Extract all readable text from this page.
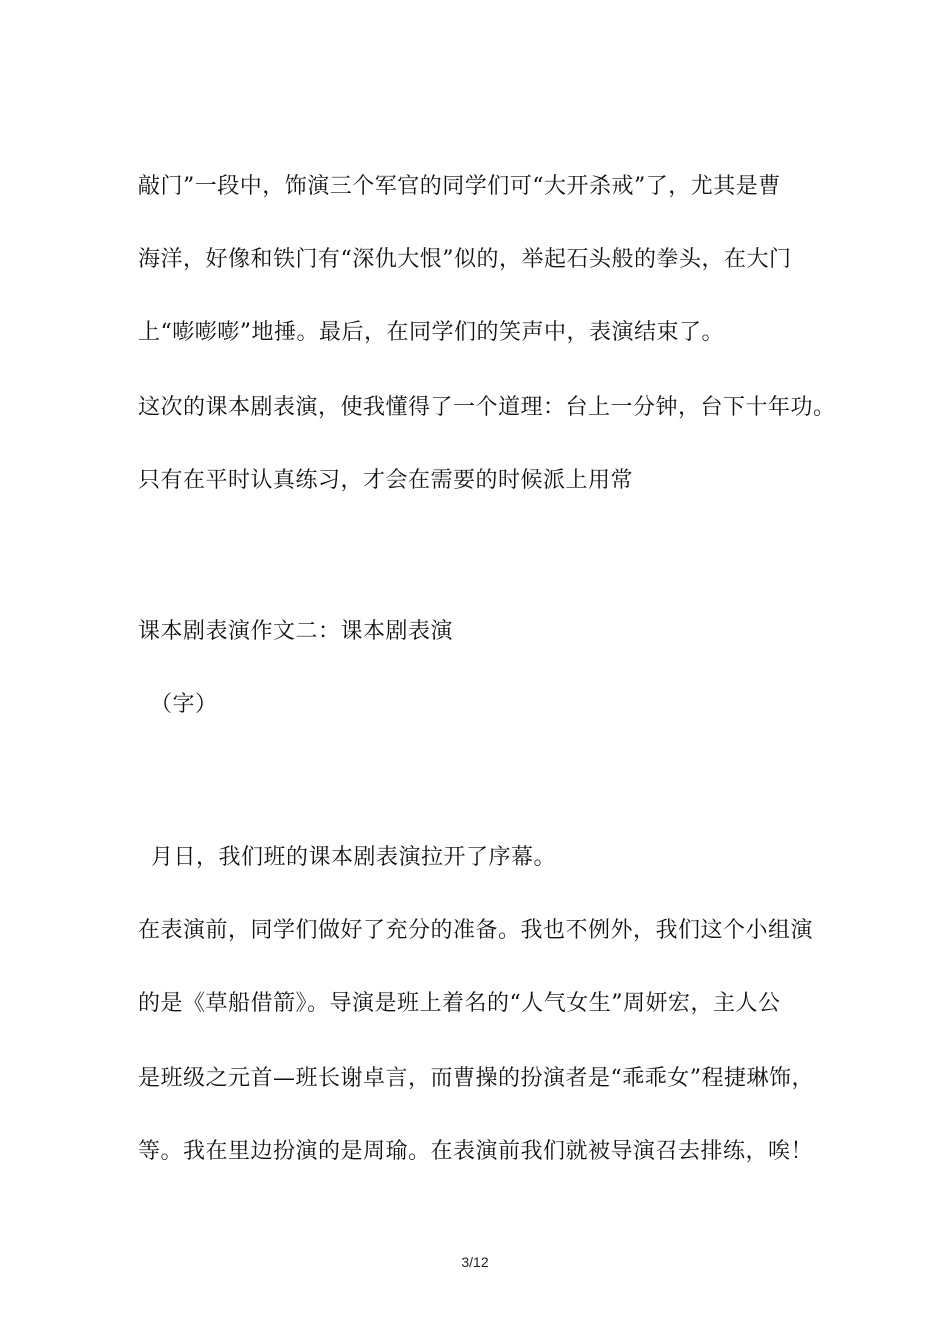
敲门”一段中，饰演三个军官的同学们可“大开杀戒”了，尤其是曹
海洋，好像和铁门有“深仇大恨”似的，举起石头般的拳头，在大门
上“嘭嘭嘭”地捶。最后，在同学们的笑声中，表演结束了。
这次的课本剧表演，使我懂得了一个道理：台上一分钟，台下十年功。
只有在平时认真练习，才会在需要的时候派上用常
课本剧表演作文二：课本剧表演
（字）
月日，我们班的课本剧表演拉开了序幕。
在表演前，同学们做好了充分的准备。我也不例外，我们这个小组演
的是《草船借箭》。导演是班上着名的“人气女生”周妍宏，主人公
是班级之元首—班长谢卓言，而曹操的扮演者是“乖乖女”程捷琳饰，
等。我在里边扮演的是周瑜。在表演前我们就被导演召去排练，唉！
3/12
